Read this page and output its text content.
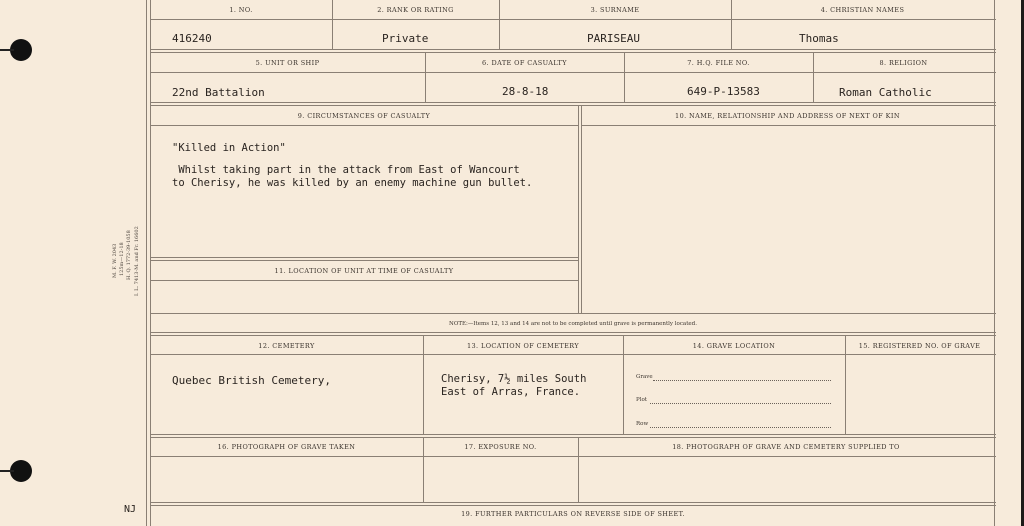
M. F. W. 2043 125m—12-18 H. Q. 1772-39-1058 I. L. 7413-M. and Fr. 16602
NJ
1. NO.	2. RANK OR RATING	3. SURNAME	4. CHRISTIAN NAMES
416240	Private	PARISEAU	Thomas
5. UNIT OR SHIP	6. DATE OF CASUALTY	7. H.Q. FILE NO.	8. RELIGION
22nd Battalion	28-8-18	649-P-13583	Roman Catholic
9. CIRCUMSTANCES OF CASUALTY	10. NAME, RELATIONSHIP AND ADDRESS OF NEXT OF KIN
"Killed in Action"
Whilst taking part in the attack from East of Wancourt
to Cherisy, he was killed by an enemy machine gun bullet.
11. LOCATION OF UNIT AT TIME OF CASUALTY
NOTE:—Items 12, 13 and 14 are not to be completed until grave is permanently located.
12. CEMETERY	13. LOCATION OF CEMETERY	14. GRAVE LOCATION	15. REGISTERED NO. OF GRAVE
Quebec British Cemetery,	Cherisy, 7½ miles South
East of Arras, France.
Grave
Plot
Row
16. PHOTOGRAPH OF GRAVE TAKEN	17. EXPOSURE NO.	18. PHOTOGRAPH OF GRAVE AND CEMETERY SUPPLIED TO
19. FURTHER PARTICULARS ON REVERSE SIDE OF SHEET.
